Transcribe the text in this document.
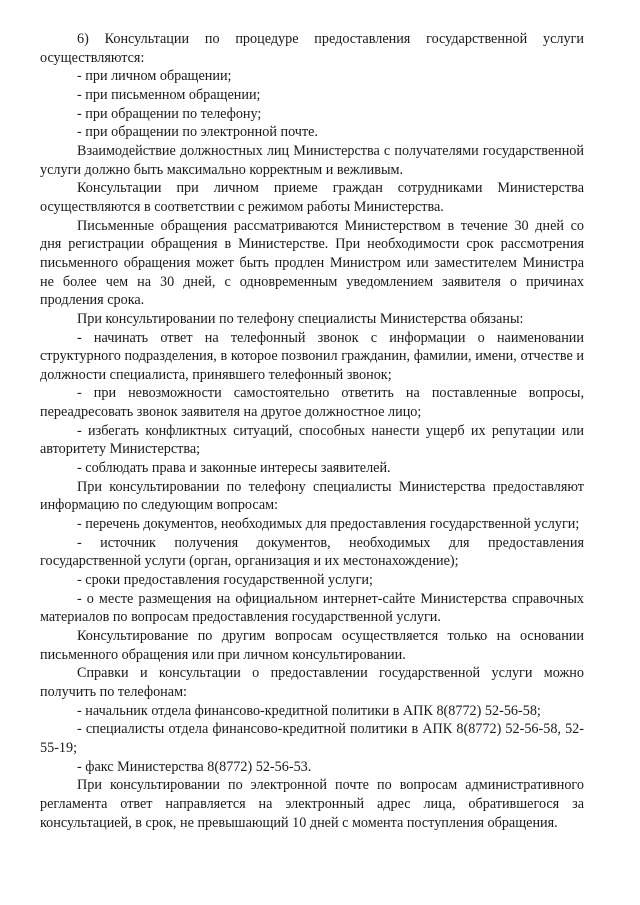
6) Консультации по процедуре предоставления государственной услуги осуществляются:

- при личном обращении;

- при письменном обращении;

- при обращении по телефону;

- при обращении по электронной почте.

Взаимодействие должностных лиц Министерства с получателями государственной услуги должно быть максимально корректным и вежливым.

Консультации при личном приеме граждан сотрудниками Министерства осуществляются в соответствии с режимом работы Министерства.

Письменные обращения рассматриваются Министерством в течение 30 дней со дня регистрации обращения в Министерстве. При необходимости срок рассмотрения письменного обращения может быть продлен Министром или заместителем Министра не более чем на 30 дней, с одновременным уведомлением заявителя о причинах продления срока.

При консультировании по телефону специалисты Министерства обязаны:

- начинать ответ на телефонный звонок с информации о наименовании структурного подразделения, в которое позвонил гражданин, фамилии, имени, отчестве и должности специалиста, принявшего телефонный звонок;

- при невозможности самостоятельно ответить на поставленные вопросы, переадресовать звонок заявителя на другое должностное лицо;

- избегать конфликтных ситуаций, способных нанести ущерб их репутации или авторитету Министерства;

- соблюдать права и законные интересы заявителей.

При консультировании по телефону специалисты Министерства предоставляют информацию по следующим вопросам:

- перечень документов, необходимых для предоставления государственной услуги;

- источник получения документов, необходимых для предоставления государственной услуги (орган, организация и их местонахождение);

- сроки предоставления государственной услуги;

- о месте размещения на официальном интернет-сайте Министерства справочных материалов по вопросам предоставления государственной услуги.

Консультирование по другим вопросам осуществляется только на основании письменного обращения или при личном консультировании.

Справки и консультации о предоставлении государственной услуги можно получить по телефонам:

- начальник отдела финансово-кредитной политики в АПК 8(8772) 52-56-58;

- специалисты отдела финансово-кредитной политики в АПК 8(8772) 52-56-58, 52-55-19;

- факс Министерства 8(8772) 52-56-53.

При консультировании по электронной почте по вопросам административного регламента ответ направляется на электронный адрес лица, обратившегося за консультацией, в срок, не превышающий 10 дней с момента поступления обращения.
